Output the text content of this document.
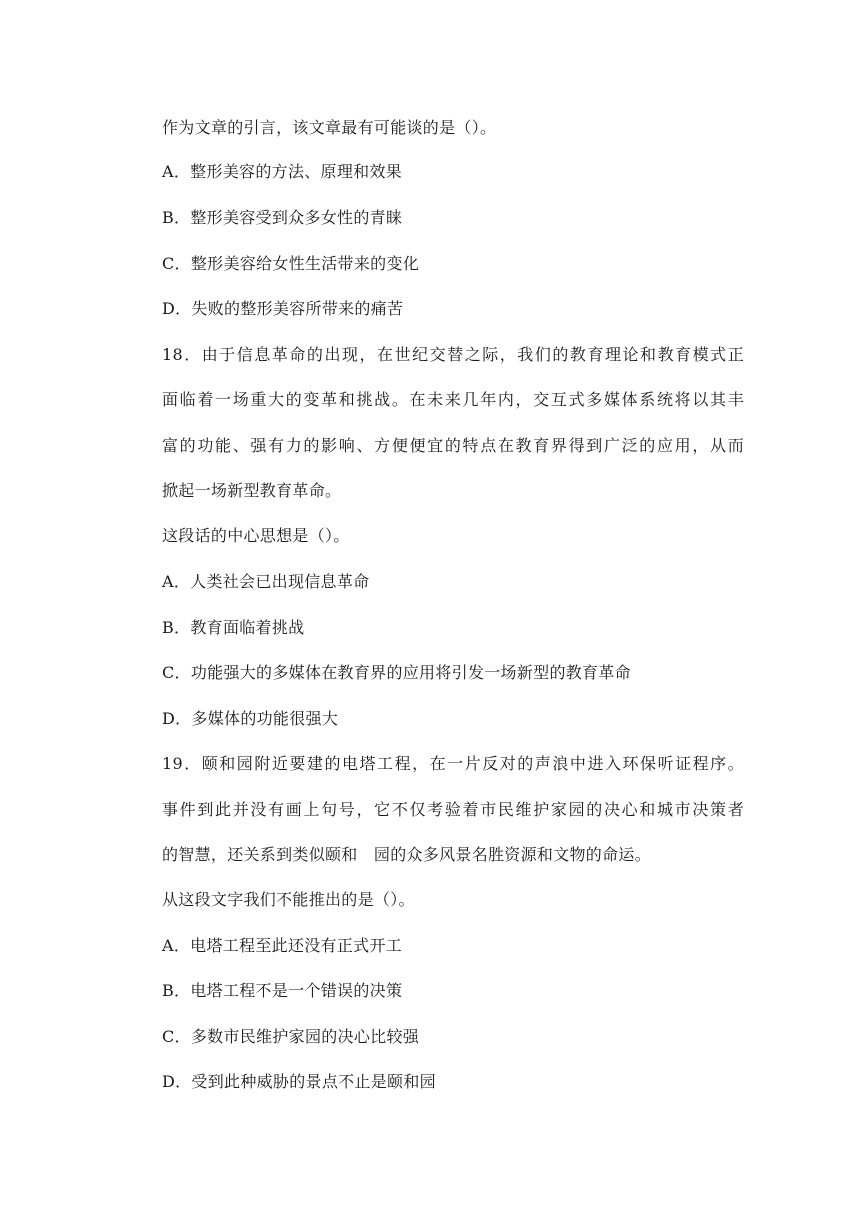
作为文章的引言，该文章最有可能谈的是（）。
A．整形美容的方法、原理和效果
B．整形美容受到众多女性的青睐
C．整形美容给女性生活带来的变化
D．失败的整形美容所带来的痛苦
18．由于信息革命的出现，在世纪交替之际，我们的教育理论和教育模式正
面临着一场重大的变革和挑战。在未来几年内，交互式多媒体系统将以其丰
富的功能、强有力的影响、方便便宜的特点在教育界得到广泛的应用，从而
掀起一场新型教育革命。
这段话的中心思想是（）。
A．人类社会已出现信息革命
B．教育面临着挑战
C．功能强大的多媒体在教育界的应用将引发一场新型的教育革命
D．多媒体的功能很强大
19．颐和园附近要建的电塔工程，在一片反对的声浪中进入环保听证程序。
事件到此并没有画上句号，它不仅考验着市民维护家园的决心和城市决策者
的智慧，还关系到类似颐和　园的众多风景名胜资源和文物的命运。
从这段文字我们不能推出的是（）。
A．电塔工程至此还没有正式开工
B．电塔工程不是一个错误的决策
C．多数市民维护家园的决心比较强
D．受到此种威胁的景点不止是颐和园
